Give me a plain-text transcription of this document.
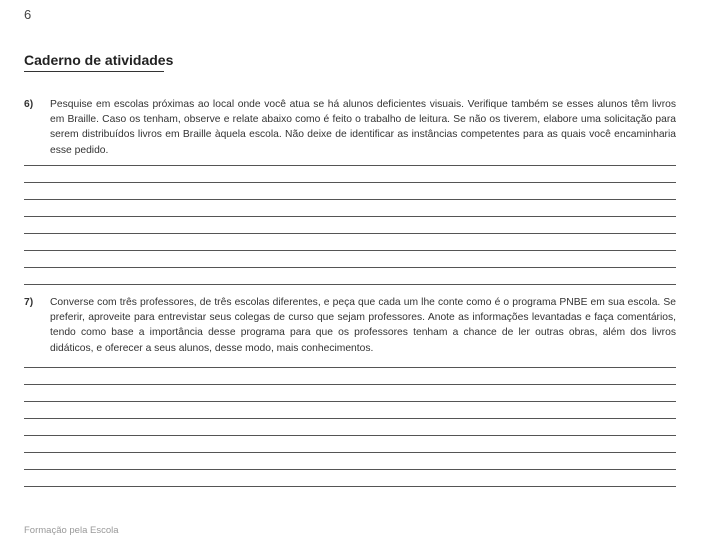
6
Caderno de atividades
6) Pesquise em escolas próximas ao local onde você atua se há alunos deficientes visuais. Verifique também se esses alunos têm livros em Braille. Caso os tenham, observe e relate abaixo como é feito o trabalho de leitura. Se não os tiverem, elabore uma solicitação para serem distribuídos livros em Braille àquela escola. Não deixe de identificar as instâncias competentes para as quais você encaminharia esse pedido.
7) Converse com três professores, de três escolas diferentes, e peça que cada um lhe conte como é o programa PNBE em sua escola. Se preferir, aproveite para entrevistar seus colegas de curso que sejam professores. Anote as informações levantadas e faça comentários, tendo como base a importância desse programa para que os professores tenham a chance de ler outras obras, além dos livros didáticos, e oferecer a seus alunos, desse modo, mais conhecimentos.
Formação pela Escola
